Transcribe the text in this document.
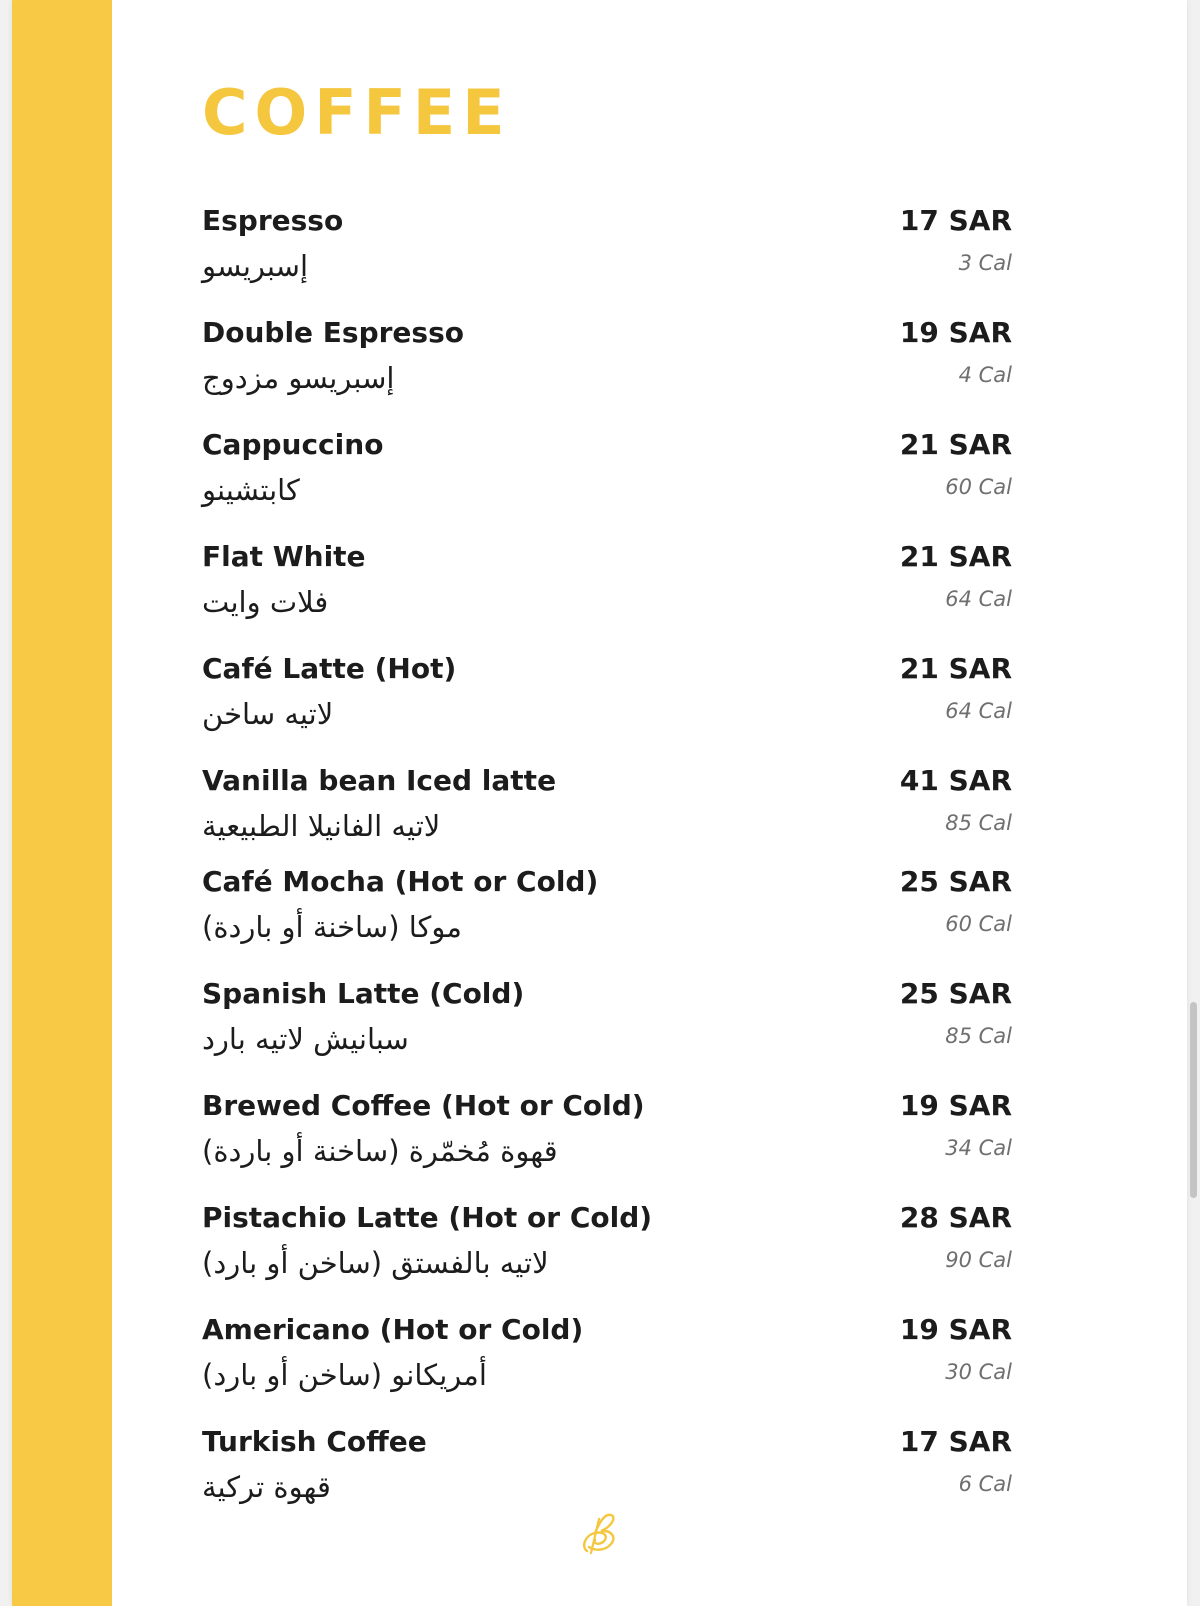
COFFEE
Espresso
إسبريسو
17 SAR
3 Cal
Double Espresso
إسبريسو مزدوج
19 SAR
4 Cal
Cappuccino
كابتشينو
21 SAR
60 Cal
Flat White
فلات وايت
21 SAR
64 Cal
Café Latte (Hot)
لاتيه ساخن
21 SAR
64 Cal
Vanilla bean Iced latte
لاتيه الفانيلا الطبيعية
41 SAR
85 Cal
Café Mocha (Hot or Cold)
موكا (ساخنة أو باردة)
25 SAR
60 Cal
Spanish Latte (Cold)
سبانيش لاتيه بارد
25 SAR
85 Cal
Brewed Coffee (Hot or Cold)
قهوة مُخمّرة (ساخنة أو باردة)
19 SAR
34 Cal
Pistachio Latte (Hot or Cold)
لاتيه بالفستق (ساخن أو بارد)
28 SAR
90 Cal
Americano (Hot or Cold)
أمريكانو (ساخن أو بارد)
19 SAR
30 Cal
Turkish Coffee
قهوة تركية
17 SAR
6 Cal
